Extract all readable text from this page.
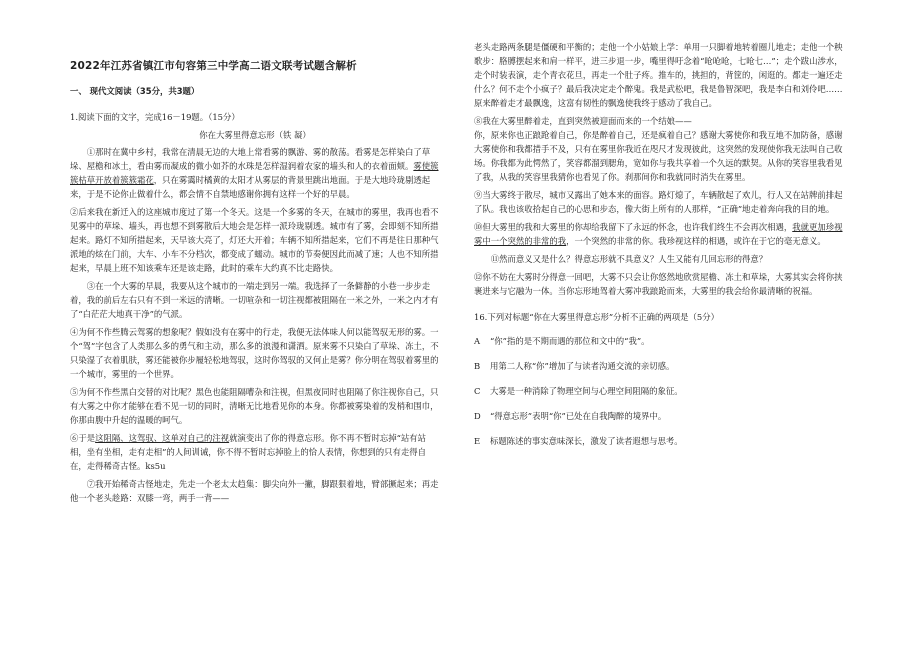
2022年江苏省镇江市句容第三中学高二语文联考试题含解析
一、 现代文阅读（35分，共3题）

1.阅读下面的文字，完成16－19题。（15分）

你在大雾里得意忘形（铁 凝）

①那时在冀中乡村，我常在清晨无边的大地上常看雾的飘游、雾的散荡。看雾是怎样染白了草垛、屋檐和冰土，看由雾而凝成的微小如芥的水珠是怎样湿润着农家的墙头和人的衣着面颊。雾使簇簇枯草开放着簇簇霜花，只在雾霭时橘黄的太阳才从雾层的背景里跳出地面。于是大地玲珑剔透起来，于是不论你止做着什么，都会情不自禁地感谢你拥有这样一个好的早晨。

②后来我在新迁入的这座城市度过了第一个冬天。这是一个多雾的冬天，在城市的雾里，我再也看不见雾中的草垛、墙头，再也想不到雾散后大地会是怎样一派玲珑剔透。城市有了雾，会即刻不知所措起来。路灯不知所措起来，天早该大亮了，灯还大开着；车辆不知所措起来，它们不再是往日那种气派地的炫在门前，大车、小车不分档次，都变成了蠕动。城市的节奏便因此而减了速；人也不知所措起来，早晨上班不知该乘车还是该走路，此时的乘车大约真不比走路快。

③在一个大雾的早晨，我要从这个城市的一端走到另一端。我选择了一条僻静的小巷一步步走着，我的前后左右只有不到一米远的清晰。一切喧杂和一切注视都被阻隔在一米之外，一米之内才有了“白茫茫大地真干净”的气派。

④为何不作些腾云驾雾的想象呢？假如没有在雾中的行走，我便无法体味人何以能驾驭无形的雾。一个“驾”字包含了人类那么多的勇气和主动，那么多的浪漫和潇洒。原来雾不只染白了草垛、冻土，不只染湿了衣着肌肤，雾还能被你步履轻松地驾驭，这时你驾驭的又何止是雾？你分明在驾驭着雾里的一个城市，雾里的一个世界。

⑤为何不作些黑白交替的对比呢？黑色也能阻隔嘈杂和注视，但黑夜同时也阻隔了你注视你自己，只有大雾之中你才能够在看不见一切的同时，清晰无比地看见你的本身。你都被雾染着的发梢和围巾，你那由腹中升起的温暖的呵气。

⑥于是这阻隔、这驾驭、这单对自己的注视就演变出了你的得意忘形。你不再不暂时忘掉“站有站相，坐有坐相，走有走相”的人间训诫，你不得不暂时忘掉脸上的恰人表情，你想到的只有走得自在，走得稀奇古怪。ks5u

⑦我开始稀奇古怪地走，先走一个老太太趋集：脚尖向外一撇，脚跟狠着地，臂部撅起来；再走他一个老头趁路：双膝一弯，两手一背——

老头走路两条腿是僵硬和平衡的；走他一个小姑娘上学：单用一只脚着地转着圈儿地走；走他一个秧歌步：胳膊摆起来和肩一样平，进三步退一步，嘴里得吁念着“呛呛呛，七呛七…”；走个跋山涉水，走个时装表演，走个青衣花旦，再走一个肚子疼。推车的，挑担的，背筐的，闲逛的。都走一遍还走什么？何不走个小疯子？最后我决定走个醉鬼。我是武松吧，我是鲁智深吧，我是李白和刘伶吧……原来醉着走才最飘逸，这富有韧性的飘逸使我终于感动了我自己。

⑧我在大雾里醉着走，直到突然被迎面而来的一个结娘——

你，原来你也正踉跄着自己，你是醉着自己，还是疯着自己？感谢大雾使你和我互地不加防备，感谢大雾使你和我都措手不及，只有在雾里你我近在咫尺才发现彼此，这突然的发现使你我无法叫自己收场。你我都为此愕然了，笑容都溜到腮角，宽如你与我共享着一个久远的默契。从你的笑容里我看见了我，从我的笑容里我猜你也看见了你。刹那间你和我就同时消失在雾里。

⑨当大雾终于散尽，城市又露出了她本来的面容。路灯熄了，车辆散起了欢儿，行人又在站牌前排起了队。我也该收拾起自己的心思和步态，像大街上所有的人那样，“正确”地走着奔向我的目的地。

⑩但大雾里的我和大雾里的你却给我留下了永远的怀念，也许我们终生不会再次相遇，我就更加珍视雾中一个突然的非常的我，一个突然的非常的你。我珍视这样的相遇，或许在于它的毫无意义。

⑪然而意义又是什么？得意忘形就不具意义？人生又能有几回忘形的得意？

⑫你不妨在大雾时分得意一回吧，大雾不只会让你悠然地欣赏屋檐、冻土和草垛，大雾其实会将你挟裹进来与它融为一体。当你忘形地驾着大雾冲我踉跄而来，大雾里的我会给你最清晰的祝福。

16.下列对标题“你在大雾里得意忘形”分析不正确的两项是（5分）

A “你”指的是不期而遇的那位和文中的“我”。

B 用第二人称“你”增加了与读者沟通交流的亲切感。

C 大雾是一种消除了物理空间与心理空间阻隔的象征。

D “得意忘形”表明“你”已处在自我陶醉的境界中。

E 标题陈述的事实意味深长，激发了读者遐想与思考。
